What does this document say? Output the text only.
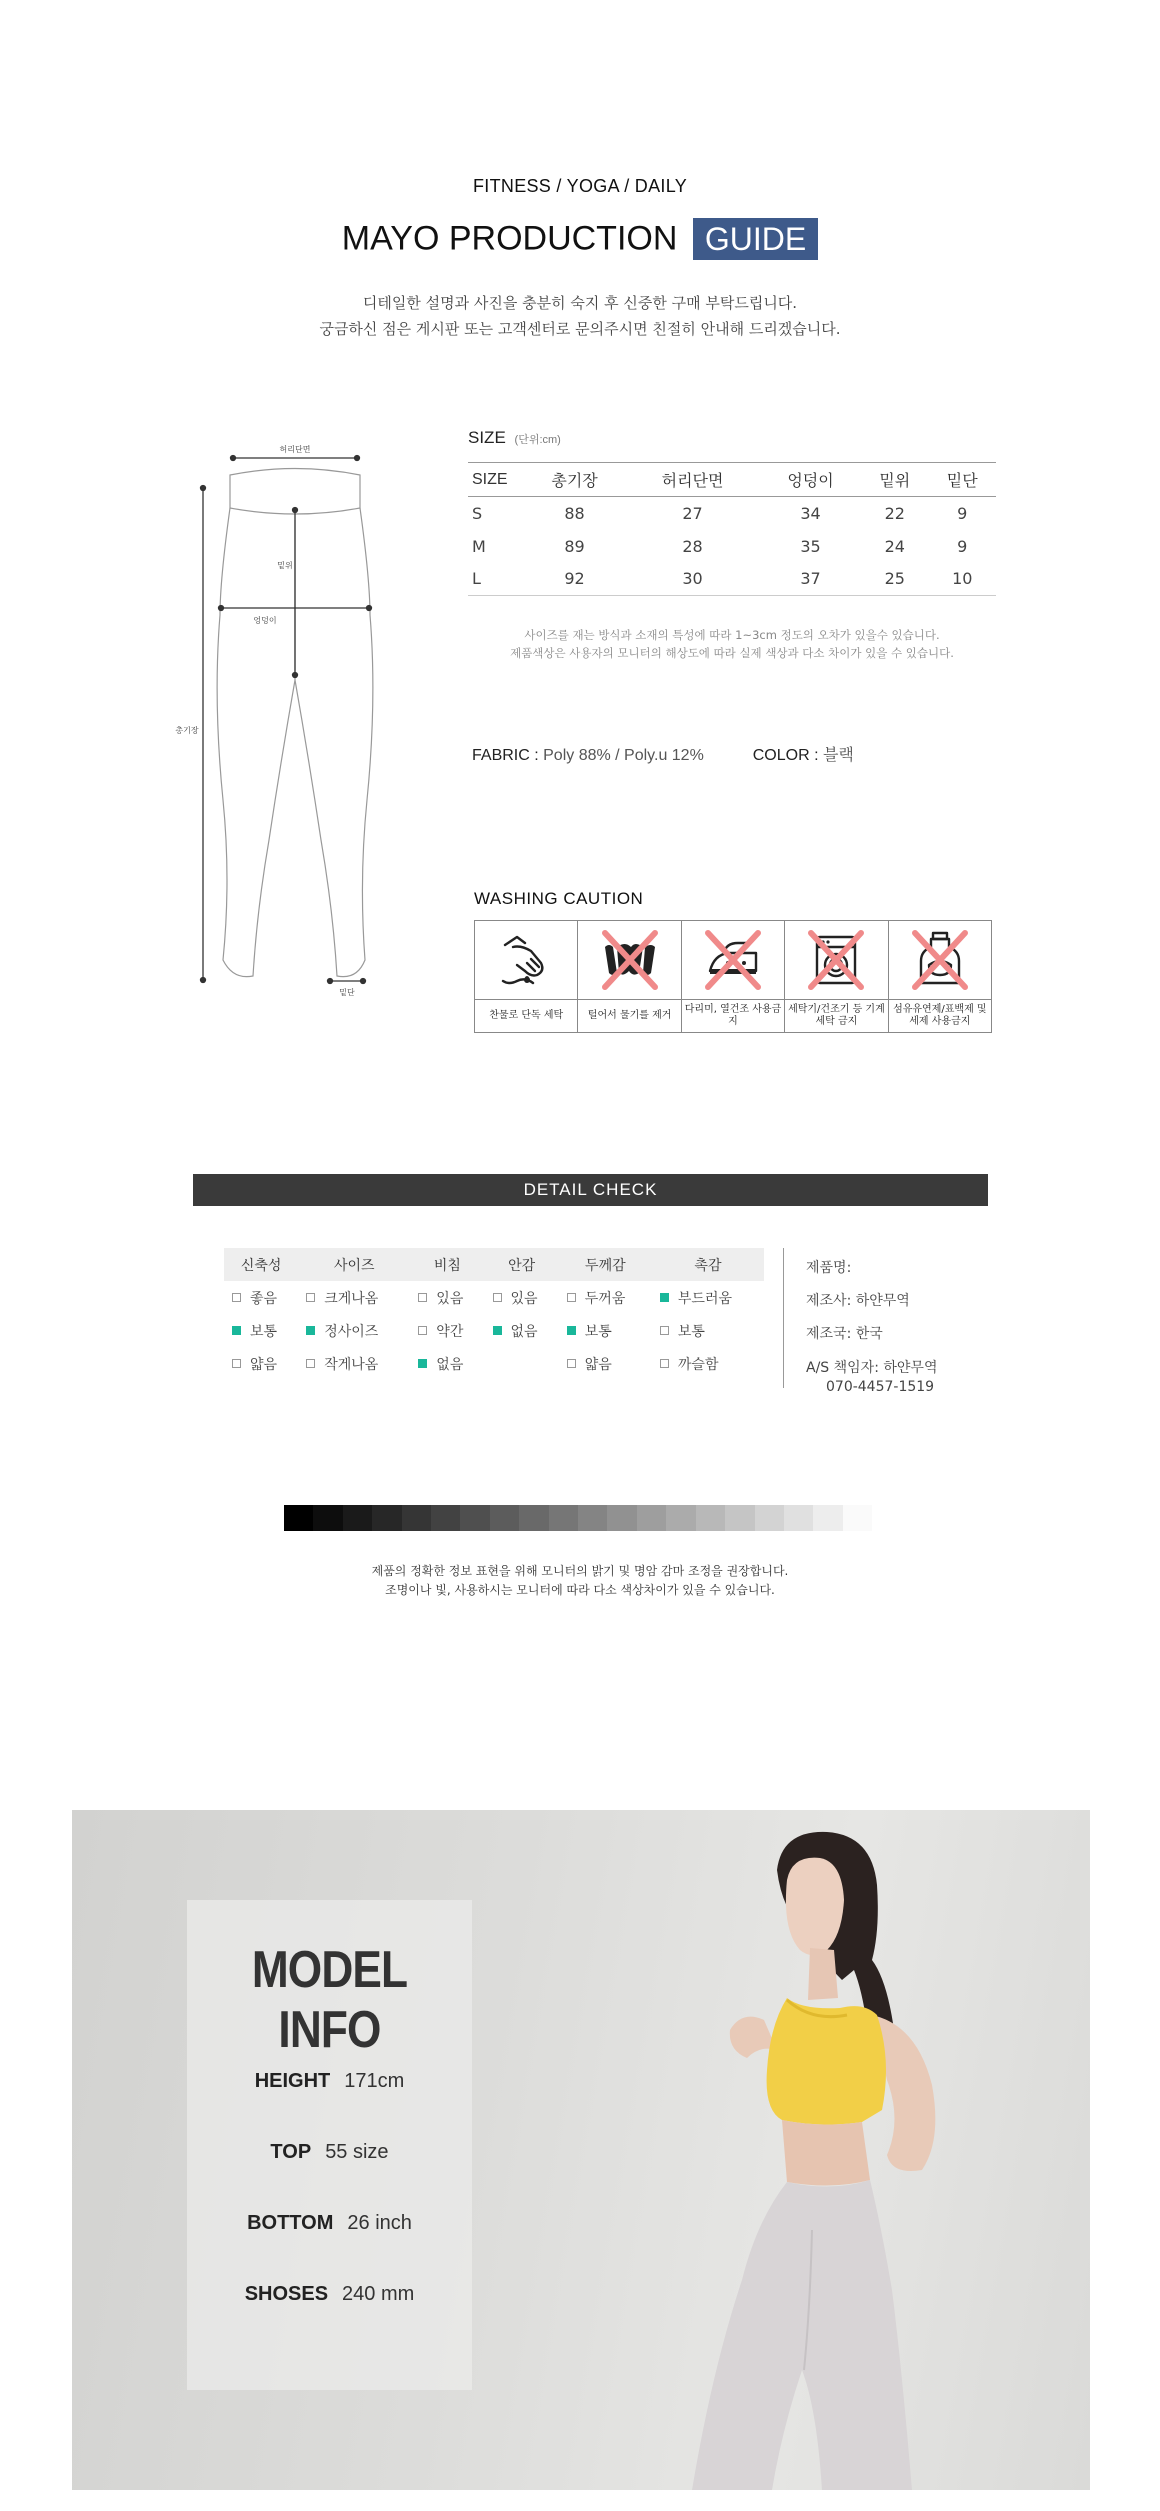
FITNESS / YOGA / DAILY
MAYO PRODUCTION GUIDE
디테일한 설명과 사진을 충분히 숙지 후 신중한 구매 부탁드립니다.
궁금하신 점은 게시판 또는 고객센터로 문의주시면 친절히 안내해 드리겠습니다.
허리단면
밑위
엉덩이
총기장
밑단
SIZE (단위:cm)
SIZE	총기장	허리단면	엉덩이	밑위	밑단
S	88	27	34	22	9
M	89	28	35	24	9
L	92	30	37	25	10
사이즈를 재는 방식과 소재의 특성에 따라 1~3cm 정도의 오차가 있을수 있습니다.
제품색상은 사용자의 모니터의 해상도에 따라 실제 색상과 다소 차이가 있을 수 있습니다.
FABRIC : Poly 88% / Poly.u 12%	COLOR : 블랙
WASHING CAUTION
찬물로 단독 세탁	털어서 물기를 제거
다리미, 열건조 사용금지
세탁기/건조기 등 기계세탁 금지
섬유유연제/표백제 및 세제 사용금지
DETAIL CHECK
신축성	사이즈	비침	안감	두께감	촉감
좋음	크게나옴	있음	있음	두꺼움	부드러움
보통	정사이즈	약간	없음	보통	보통
얇음	작게나옴	없음		얇음	까슬함
제품명:
제조사: 하얀무역
제조국: 한국
A/S 책임자: 하얀무역
070-4457-1519
제품의 정확한 정보 표현을 위해 모니터의 밝기 및 명암 감마 조정을 권장합니다.
조명이나 빛, 사용하시는 모니터에 따라 다소 색상차이가 있을 수 있습니다.
MODEL INFO
HEIGHT 171cm
TOP 55 size
BOTTOM 26 inch
SHOSES 240 mm
